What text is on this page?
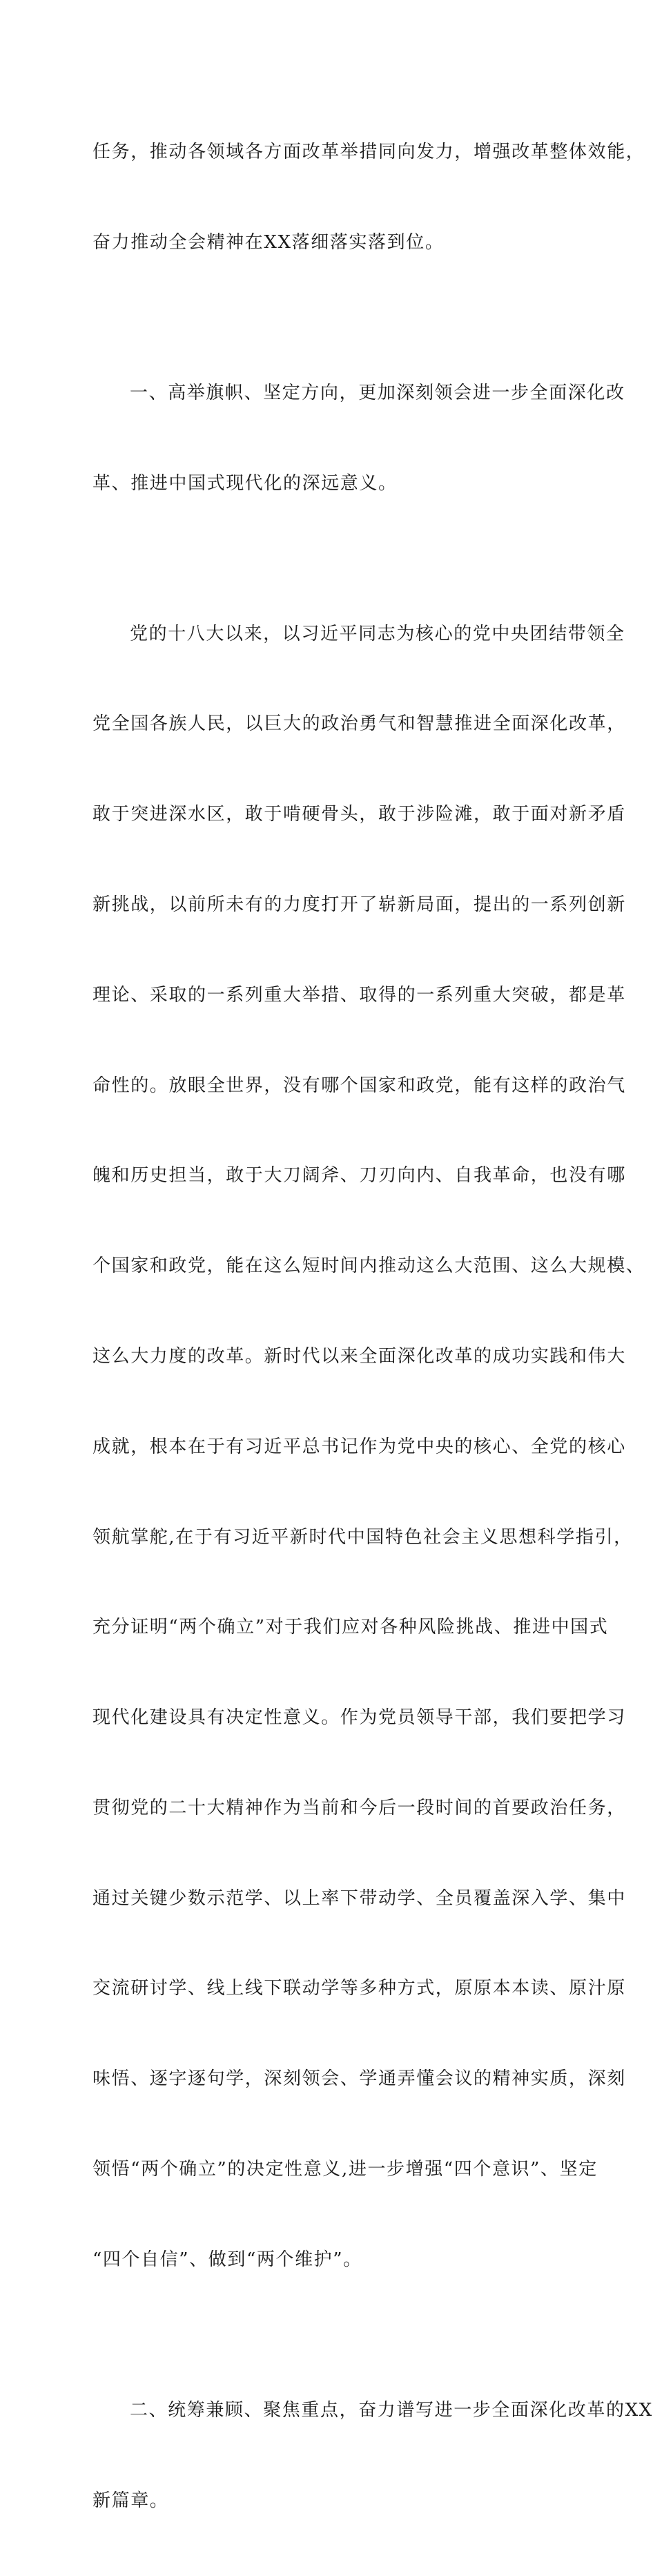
任务，推动各领域各方面改革举措同向发力，增强改革整体效能，

奋力推动全会精神在XX落细落实落到位。

一、高举旗帜、坚定方向，更加深刻领会进一步全面深化改

革、推进中国式现代化的深远意义。

党的十八大以来，以习近平同志为核心的党中央团结带领全

党全国各族人民，以巨大的政治勇气和智慧推进全面深化改革，

敢于突进深水区，敢于啃硬骨头，敢于涉险滩，敢于面对新矛盾

新挑战，以前所未有的力度打开了崭新局面，提出的一系列创新

理论、采取的一系列重大举措、取得的一系列重大突破，都是革

命性的。放眼全世界，没有哪个国家和政党，能有这样的政治气

魄和历史担当，敢于大刀阔斧、刀刃向内、自我革命，也没有哪

个国家和政党，能在这么短时间内推动这么大范围、这么大规模、

这么大力度的改革。新时代以来全面深化改革的成功实践和伟大

成就，根本在于有习近平总书记作为党中央的核心、全党的核心

领航掌舵,在于有习近平新时代中国特色社会主义思想科学指引，

充分证明“两个确立”对于我们应对各种风险挑战、推进中国式

现代化建设具有决定性意义。作为党员领导干部，我们要把学习

贯彻党的二十大精神作为当前和今后一段时间的首要政治任务，

通过关键少数示范学、以上率下带动学、全员覆盖深入学、集中

交流研讨学、线上线下联动学等多种方式，原原本本读、原汁原

味悟、逐字逐句学，深刻领会、学通弄懂会议的精神实质，深刻

领悟“两个确立”的决定性意义,进一步增强“四个意识”、坚定

“四个自信”、做到“两个维护”。

二、统筹兼顾、聚焦重点，奋力谱写进一步全面深化改革的XX

新篇章。
